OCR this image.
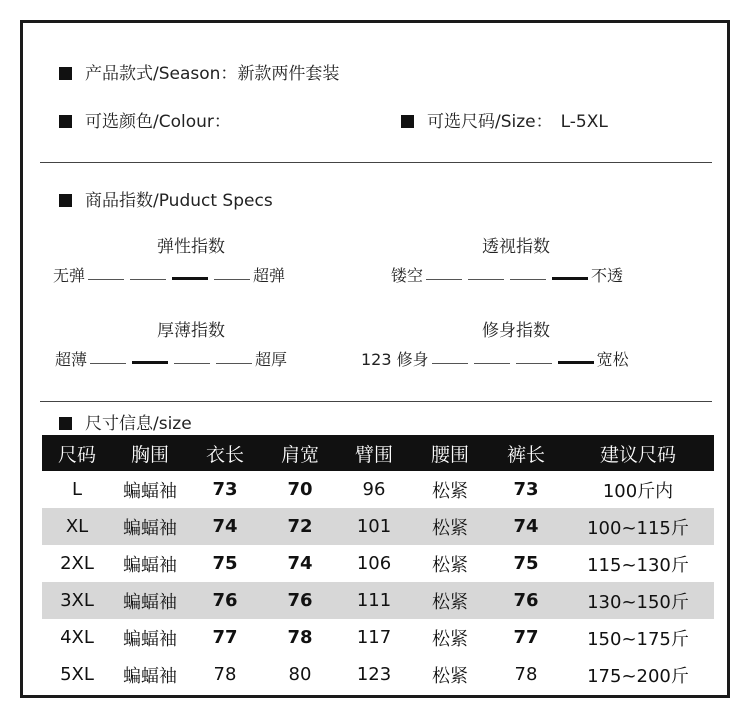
产品款式/Season：新款两件套装
可选颜色/Colour：	可选尺码/Size： L-5XL
商品指数/Puduct Specs
弹性指数
无弹	超弹
透视指数
镂空	不透
厚薄指数
超薄	超厚
修身指数
123 修身	宽松
尺寸信息/size
尺码	胸围	衣长	肩宽	臂围	腰围	裤长	建议尺码
L	蝙蝠袖	73	70	96	松紧	73	100斤内
XL	蝙蝠袖	74	72	101	松紧	74	100~115斤
2XL	蝙蝠袖	75	74	106	松紧	75	115~130斤
3XL	蝙蝠袖	76	76	111	松紧	76	130~150斤
4XL	蝙蝠袖	77	78	117	松紧	77	150~175斤
5XL	蝙蝠袖	78	80	123	松紧	78	175~200斤
